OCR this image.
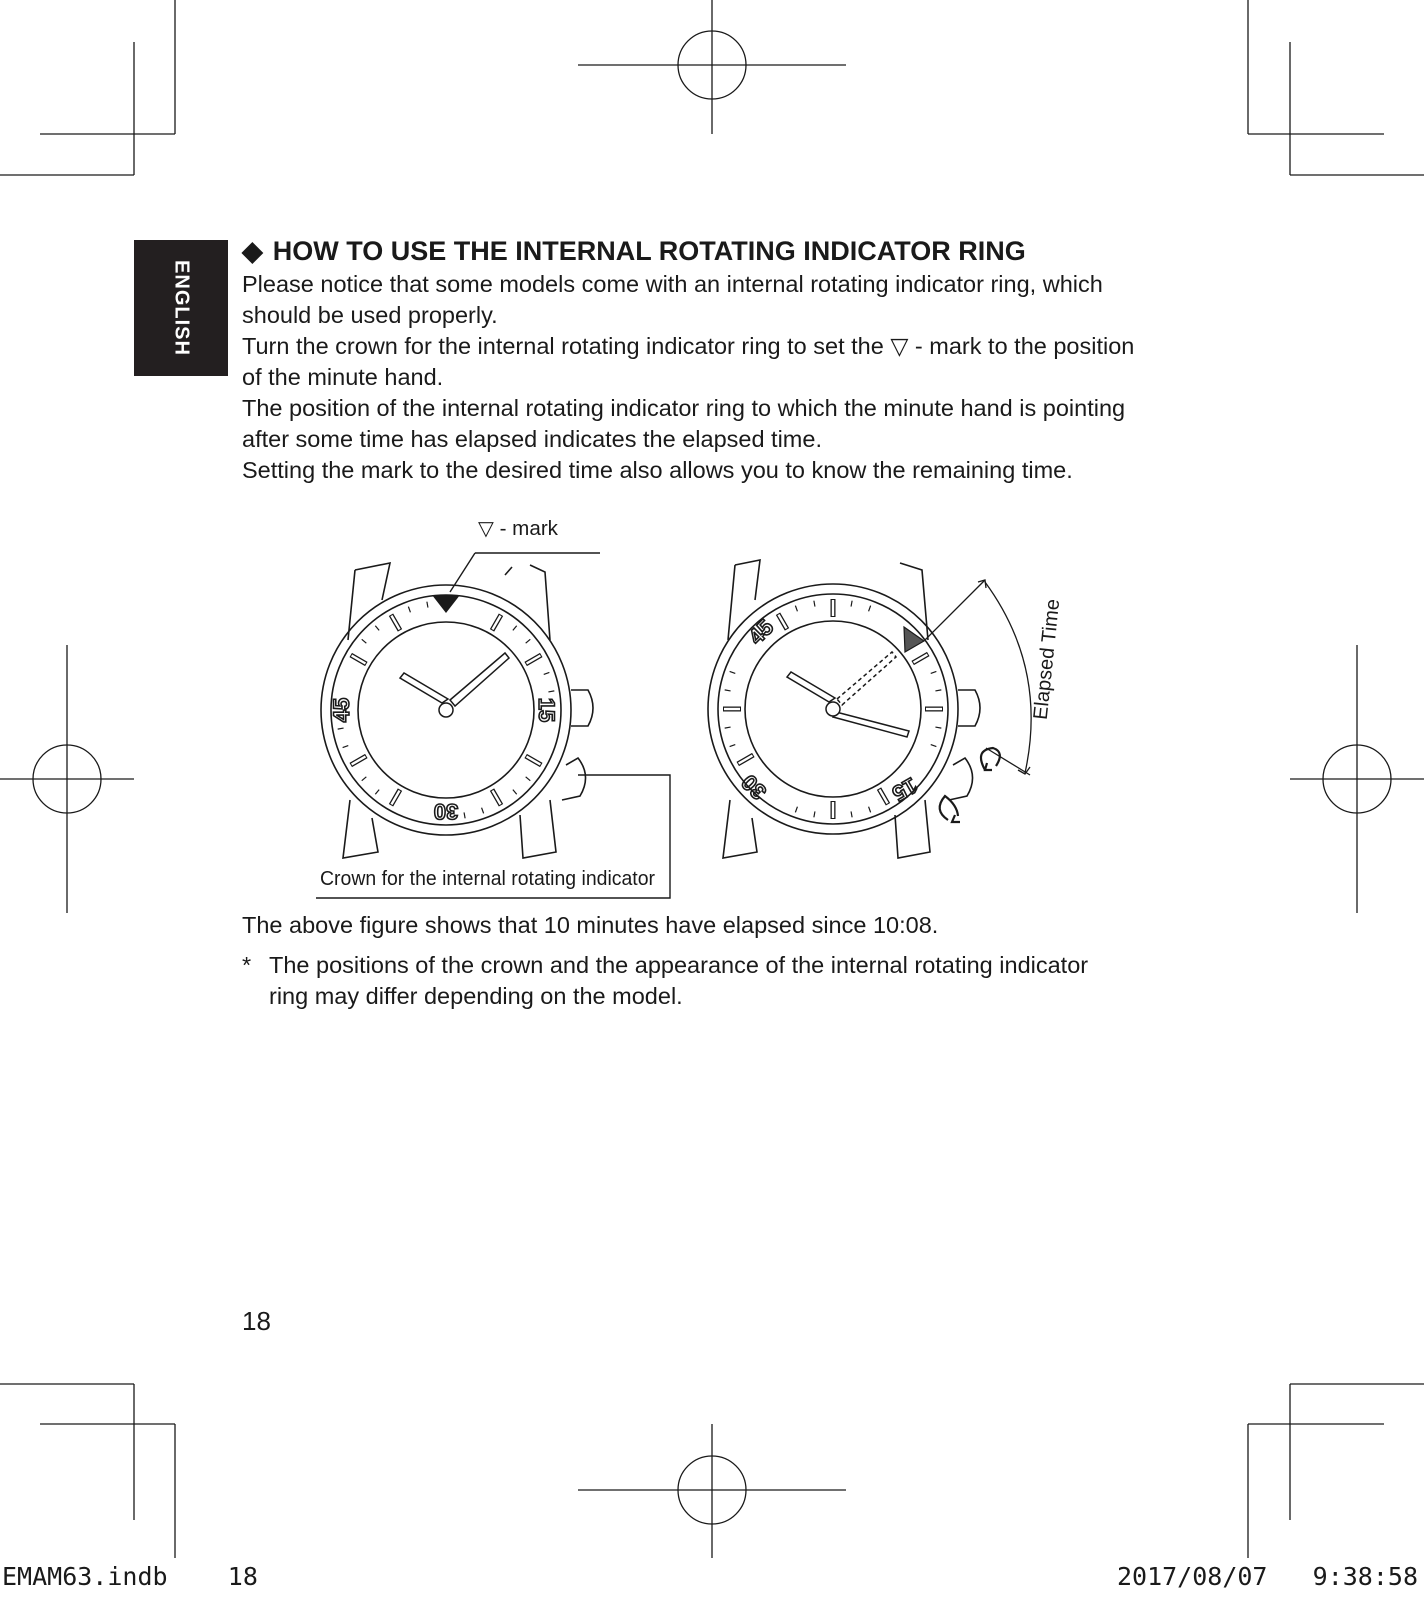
ENGLISH
◆ HOW TO USE THE INTERNAL ROTATING INDICATOR RING

Please notice that some models come with an internal rotating indicator ring, which should be used properly.

Turn the crown for the internal rotating indicator ring to set the ▽ - mark to the position of the minute hand.

The position of the internal rotating indicator ring to which the minute hand is pointing after some time has elapsed indicates the elapsed time.

Setting the mark to the desired time also allows you to know the remaining time.

15
30
45
▽ - mark
Crown for the internal rotating indicator
15
30
45	Elapsed Time
The above figure shows that 10 minutes have elapsed since 10:08.
* The positions of the crown and the appearance of the internal rotating indicator ring may differ depending on the model.
18
EMAM63.indb 18	2017/08/07 9:38:58
